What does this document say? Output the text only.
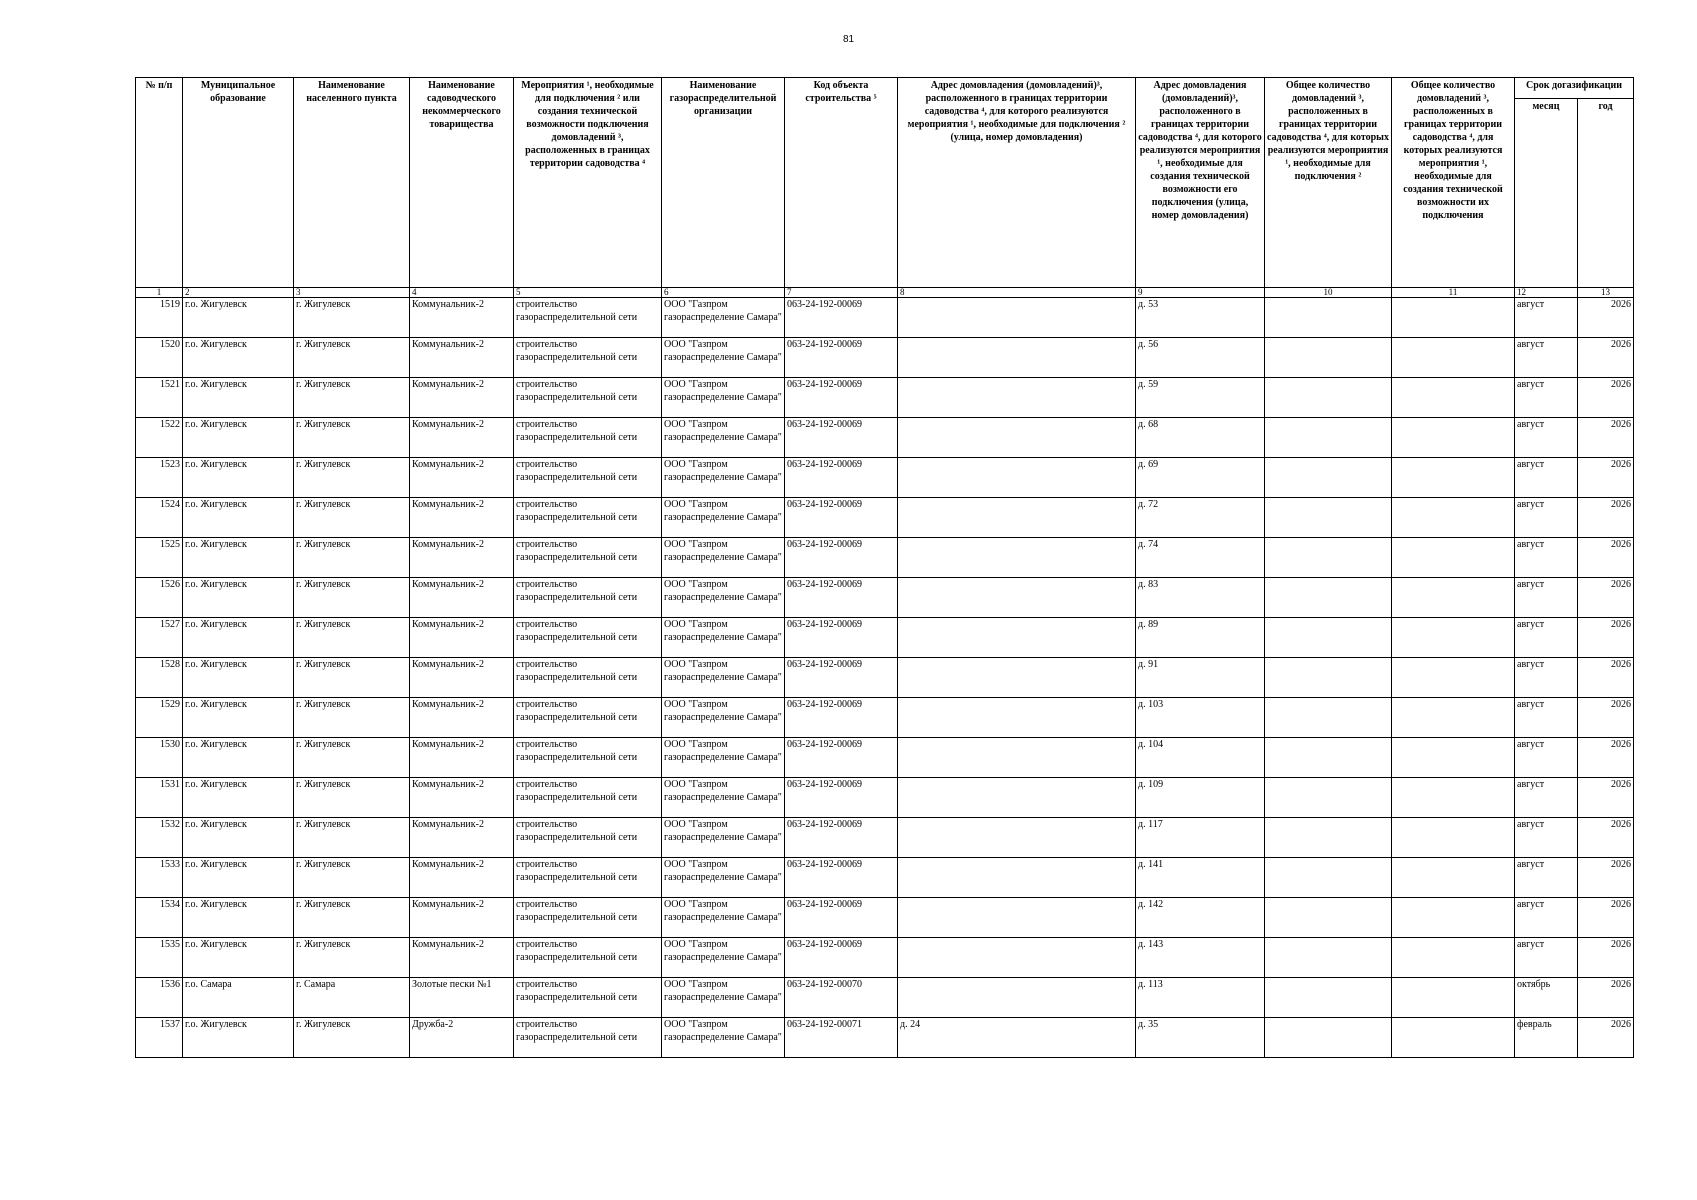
81
№ п/п	Муниципальное образование	Наименование населенного пункта	Наименование садоводческого некоммерческого товарищества	Мероприятия ¹, необходимые для подключения ² или создания технической возможности подключения домовладений ³, расположенных в границах территории садоводства ⁴	Наименование газораспределительной организации	Код объекта строительства ⁵	Адрес домовладения (домовладений)³, расположенного в границах территории садоводства ⁴, для которого реализуются мероприятия ¹, необходимые для подключения ² (улица, номер домовладения)	Адрес домовладения (домовладений)³, расположенного в границах территории садоводства ⁴, для которого реализуются мероприятия ¹, необходимые для создания технической возможности его подключения (улица, номер домовладения)	Общее количество домовладений ³, расположенных в границах территории садоводства ⁴, для которых реализуются мероприятия ¹, необходимые для подключения ²	Общее количество домовладений ³, расположенных в границах территории садоводства ⁴, для которых реализуются мероприятия ¹, необходимые для создания технической возможности их подключения	Срок догазификации	
											месяц	год
1	2	3	4	5	6	7	8	9	10	11	12	13
1519	г.о. Жигулевск	г. Жигулевск	Коммунальник-2	строительство газораспределительной сети	ООО "Газпром газораспределение Самара"	063-24-192-00069		д. 53			август	2026
1520	г.о. Жигулевск	г. Жигулевск	Коммунальник-2	строительство газораспределительной сети	ООО "Газпром газораспределение Самара"	063-24-192-00069		д. 56			август	2026
1521	г.о. Жигулевск	г. Жигулевск	Коммунальник-2	строительство газораспределительной сети	ООО "Газпром газораспределение Самара"	063-24-192-00069		д. 59			август	2026
1522	г.о. Жигулевск	г. Жигулевск	Коммунальник-2	строительство газораспределительной сети	ООО "Газпром газораспределение Самара"	063-24-192-00069		д. 68			август	2026
1523	г.о. Жигулевск	г. Жигулевск	Коммунальник-2	строительство газораспределительной сети	ООО "Газпром газораспределение Самара"	063-24-192-00069		д. 69			август	2026
1524	г.о. Жигулевск	г. Жигулевск	Коммунальник-2	строительство газораспределительной сети	ООО "Газпром газораспределение Самара"	063-24-192-00069		д. 72			август	2026
1525	г.о. Жигулевск	г. Жигулевск	Коммунальник-2	строительство газораспределительной сети	ООО "Газпром газораспределение Самара"	063-24-192-00069		д. 74			август	2026
1526	г.о. Жигулевск	г. Жигулевск	Коммунальник-2	строительство газораспределительной сети	ООО "Газпром газораспределение Самара"	063-24-192-00069		д. 83			август	2026
1527	г.о. Жигулевск	г. Жигулевск	Коммунальник-2	строительство газораспределительной сети	ООО "Газпром газораспределение Самара"	063-24-192-00069		д. 89			август	2026
1528	г.о. Жигулевск	г. Жигулевск	Коммунальник-2	строительство газораспределительной сети	ООО "Газпром газораспределение Самара"	063-24-192-00069		д. 91			август	2026
1529	г.о. Жигулевск	г. Жигулевск	Коммунальник-2	строительство газораспределительной сети	ООО "Газпром газораспределение Самара"	063-24-192-00069		д. 103			август	2026
1530	г.о. Жигулевск	г. Жигулевск	Коммунальник-2	строительство газораспределительной сети	ООО "Газпром газораспределение Самара"	063-24-192-00069		д. 104			август	2026
1531	г.о. Жигулевск	г. Жигулевск	Коммунальник-2	строительство газораспределительной сети	ООО "Газпром газораспределение Самара"	063-24-192-00069		д. 109			август	2026
1532	г.о. Жигулевск	г. Жигулевск	Коммунальник-2	строительство газораспределительной сети	ООО "Газпром газораспределение Самара"	063-24-192-00069		д. 117			август	2026
1533	г.о. Жигулевск	г. Жигулевск	Коммунальник-2	строительство газораспределительной сети	ООО "Газпром газораспределение Самара"	063-24-192-00069		д. 141			август	2026
1534	г.о. Жигулевск	г. Жигулевск	Коммунальник-2	строительство газораспределительной сети	ООО "Газпром газораспределение Самара"	063-24-192-00069		д. 142			август	2026
1535	г.о. Жигулевск	г. Жигулевск	Коммунальник-2	строительство газораспределительной сети	ООО "Газпром газораспределение Самара"	063-24-192-00069		д. 143			август	2026
1536	г.о. Самара	г. Самара	Золотые пески №1	строительство газораспределительной сети	ООО "Газпром газораспределение Самара"	063-24-192-00070		д. 113			октябрь	2026
1537	г.о. Жигулевск	г. Жигулевск	Дружба-2	строительство газораспределительной сети	ООО "Газпром газораспределение Самара"	063-24-192-00071	д. 24	д. 35			февраль	2026
